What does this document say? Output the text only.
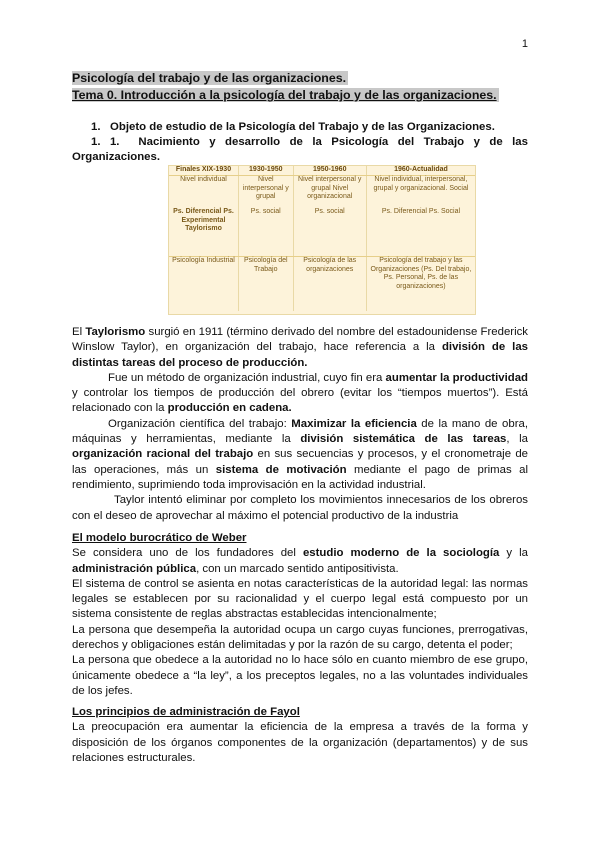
1
Psicología del trabajo y de las organizaciones.
Tema 0. Introducción a la psicología del trabajo y de las organizaciones.
1. Objeto de estudio de la Psicología del Trabajo y de las Organizaciones.
1. 1. Nacimiento y desarrollo de la Psicología del Trabajo y de las
Organizaciones.
Finales XIX-1930	1930-1950	1950-1960	1960-Actualidad
Nivel individual	Nivel interpersonal y grupal	Nivel interpersonal y grupal Nivel organizacional	Nivel individual, interpersonal, grupal y organizacional. Social
Ps. Diferencial Ps. Experimental Taylorismo	Ps. social	Ps. social	Ps. Diferencial Ps. Social
Psicología Industrial	Psicología del Trabajo	Psicología de las organizaciones	Psicología del trabajo y las Organizaciones (Ps. Del trabajo, Ps. Personal, Ps. de las organizaciones)

El Taylorismo surgió en 1911 (término derivado del nombre del estadounidense Frederick Winslow Taylor), en organización del trabajo, hace referencia a la división de las distintas tareas del proceso de producción.

Fue un método de organización industrial, cuyo fin era aumentar la productividad y controlar los tiempos de producción del obrero (evitar los “tiempos muertos”). Está relacionado con la producción en cadena.

Organización científica del trabajo: Maximizar la eficiencia de la mano de obra, máquinas y herramientas, mediante la división sistemática de las tareas, la organización racional del trabajo en sus secuencias y procesos, y el cronometraje de las operaciones, más un sistema de motivación mediante el pago de primas al rendimiento, suprimiendo toda improvisación en la actividad industrial.

Taylor intentó eliminar por completo los movimientos innecesarios de los obreros con el deseo de aprovechar al máximo el potencial productivo de la industria

El modelo burocrático de Weber

Se considera uno de los fundadores del estudio moderno de la sociología y la administración pública, con un marcado sentido antipositivista.

El sistema de control se asienta en notas características de la autoridad legal: las normas legales se establecen por su racionalidad y el cuerpo legal está compuesto por un sistema consistente de reglas abstractas establecidas intencionalmente;

La persona que desempeña la autoridad ocupa un cargo cuyas funciones, prerrogativas, derechos y obligaciones están delimitadas y por la razón de su cargo, detenta el poder;

La persona que obedece a la autoridad no lo hace sólo en cuanto miembro de ese grupo, únicamente obedece a “la ley”, a los preceptos legales, no a las voluntades individuales de los jefes.

Los principios de administración de Fayol

La preocupación era aumentar la eficiencia de la empresa a través de la forma y disposición de los órganos componentes de la organización (departamentos) y de sus relaciones estructurales.
